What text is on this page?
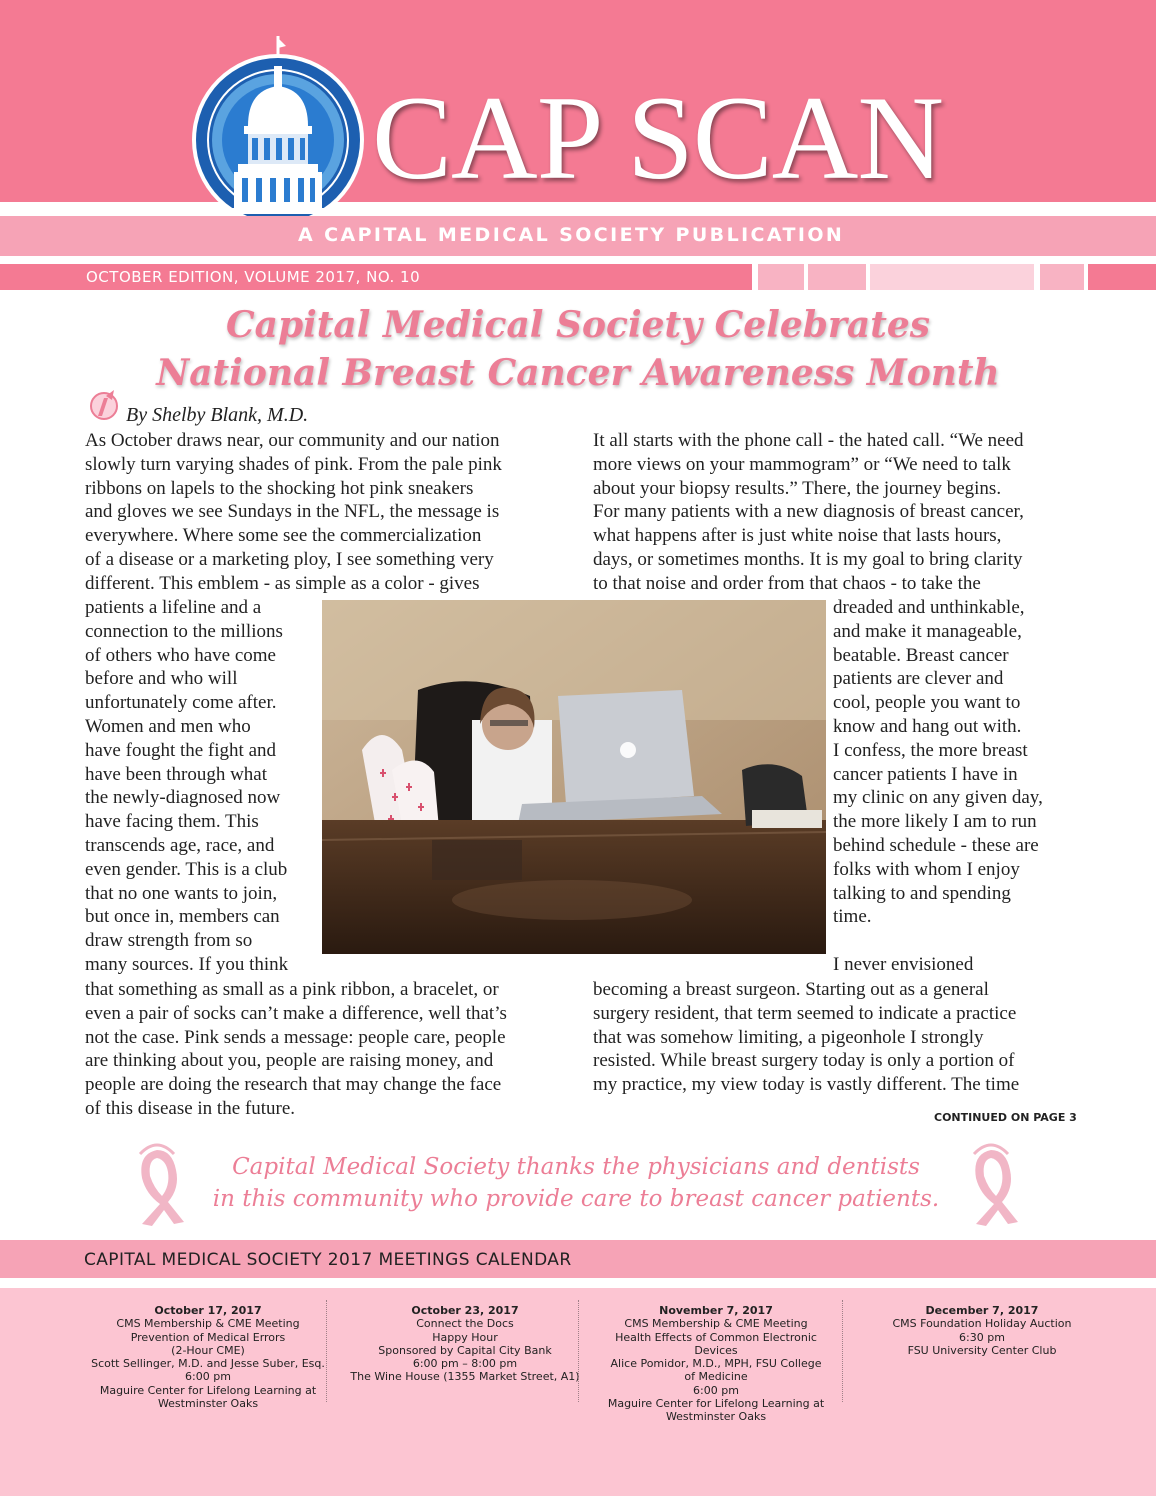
CAP SCAN
A CAPITAL MEDICAL SOCIETY PUBLICATION
OCTOBER EDITION, VOLUME 2017, NO. 10
Capital Medical Society Celebrates
National Breast Cancer Awareness Month
By Shelby Blank, M.D.
As October draws near, our community and our nation
slowly turn varying shades of pink. From the pale pink
ribbons on lapels to the shocking hot pink sneakers
and gloves we see Sundays in the NFL, the message is
everywhere. Where some see the commercialization
of a disease or a marketing ploy, I see something very
different. This emblem - as simple as a color - gives
patients a lifeline and a
connection to the millions
of others who have come
before and who will
unfortunately come after.
Women and men who
have fought the fight and
have been through what
the newly-diagnosed now
have facing them. This
transcends age, race, and
even gender. This is a club
that no one wants to join,
but once in, members can
draw strength from so
many sources. If you think
that something as small as a pink ribbon, a bracelet, or
even a pair of socks can’t make a difference, well that’s
not the case. Pink sends a message: people care, people
are thinking about you, people are raising money, and
people are doing the research that may change the face
of this disease in the future.
It all starts with the phone call - the hated call. “We need
more views on your mammogram” or “We need to talk
about your biopsy results.” There, the journey begins.
For many patients with a new diagnosis of breast cancer,
what happens after is just white noise that lasts hours,
days, or sometimes months. It is my goal to bring clarity
to that noise and order from that chaos - to take the
dreaded and unthinkable,
and make it manageable,
beatable. Breast cancer
patients are clever and
cool, people you want to
know and hang out with.
I confess, the more breast
cancer patients I have in
my clinic on any given day,
the more likely I am to run
behind schedule - these are
folks with whom I enjoy
talking to and spending
time.
I never envisioned
becoming a breast surgeon. Starting out as a general
surgery resident, that term seemed to indicate a practice
that was somehow limiting, a pigeonhole I strongly
resisted. While breast surgery today is only a portion of
my practice, my view today is vastly different. The time
CONTINUED ON PAGE 3
Capital Medical Society thanks the physicians and dentists
in this community who provide care to breast cancer patients.
CAPITAL MEDICAL SOCIETY 2017 MEETINGS CALENDAR
October 17, 2017
CMS Membership & CME Meeting
Prevention of Medical Errors
(2-Hour CME)
Scott Sellinger, M.D. and Jesse Suber, Esq.
6:00 pm
Maguire Center for Lifelong Learning at
Westminster Oaks
October 23, 2017
Connect the Docs
Happy Hour
Sponsored by Capital City Bank
6:00 pm – 8:00 pm
The Wine House (1355 Market Street, A1)
November 7, 2017
CMS Membership & CME Meeting
Health Effects of Common Electronic
Devices
Alice Pomidor, M.D., MPH, FSU College
of Medicine
6:00 pm
Maguire Center for Lifelong Learning at
Westminster Oaks
December 7, 2017
CMS Foundation Holiday Auction
6:30 pm
FSU University Center Club
